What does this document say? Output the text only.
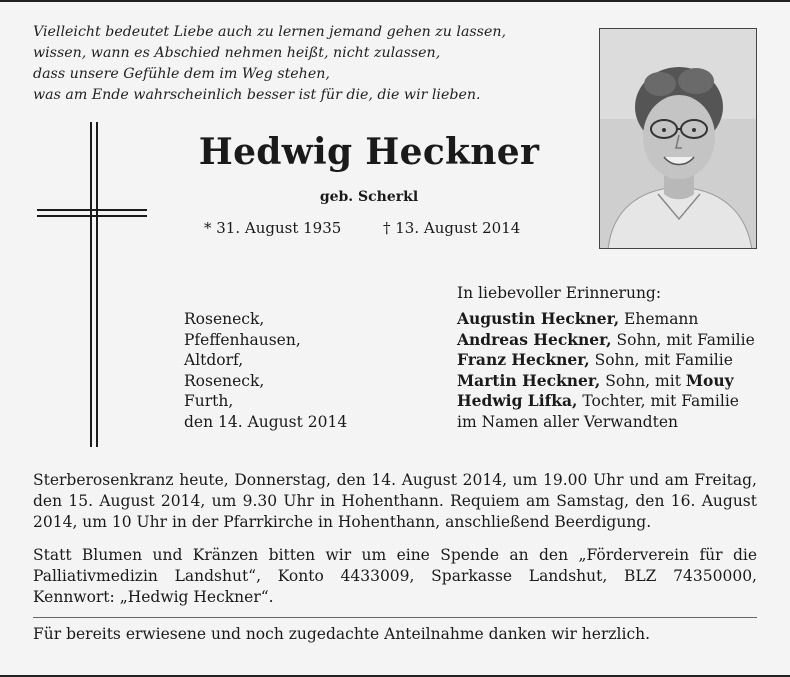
Vielleicht bedeutet Liebe auch zu lernen jemand gehen zu lassen,
wissen, wann es Abschied nehmen heißt, nicht zulassen,
dass unsere Gefühle dem im Weg stehen,
was am Ende wahrscheinlich besser ist für die, die wir lieben.
Hedwig Heckner
geb. Scherkl
* 31. August 1935	† 13. August 2014
Roseneck,
Pfeffenhausen,
Altdorf,
Roseneck,
Furth,
den 14. August 2014
In liebevoller Erinnerung:
Augustin Heckner, Ehemann
Andreas Heckner, Sohn, mit Familie
Franz Heckner, Sohn, mit Familie
Martin Heckner, Sohn, mit Mouy
Hedwig Lifka, Tochter, mit Familie
im Namen aller Verwandten
Sterberosenkranz heute, Donnerstag, den 14. August 2014, um 19.00 Uhr und am Freitag, den 15. August 2014, um 9.30 Uhr in Hohenthann. Requiem am Samstag, den 16. August 2014, um 10 Uhr in der Pfarrkirche in Hohenthann, anschließend Beerdigung.
Statt Blumen und Kränzen bitten wir um eine Spende an den „Förderverein für die Palliativmedizin Landshut“, Konto 4433009, Sparkasse Landshut, BLZ 74350000, Kennwort: „Hedwig Heckner“.
Für bereits erwiesene und noch zugedachte Anteilnahme danken wir herzlich.
